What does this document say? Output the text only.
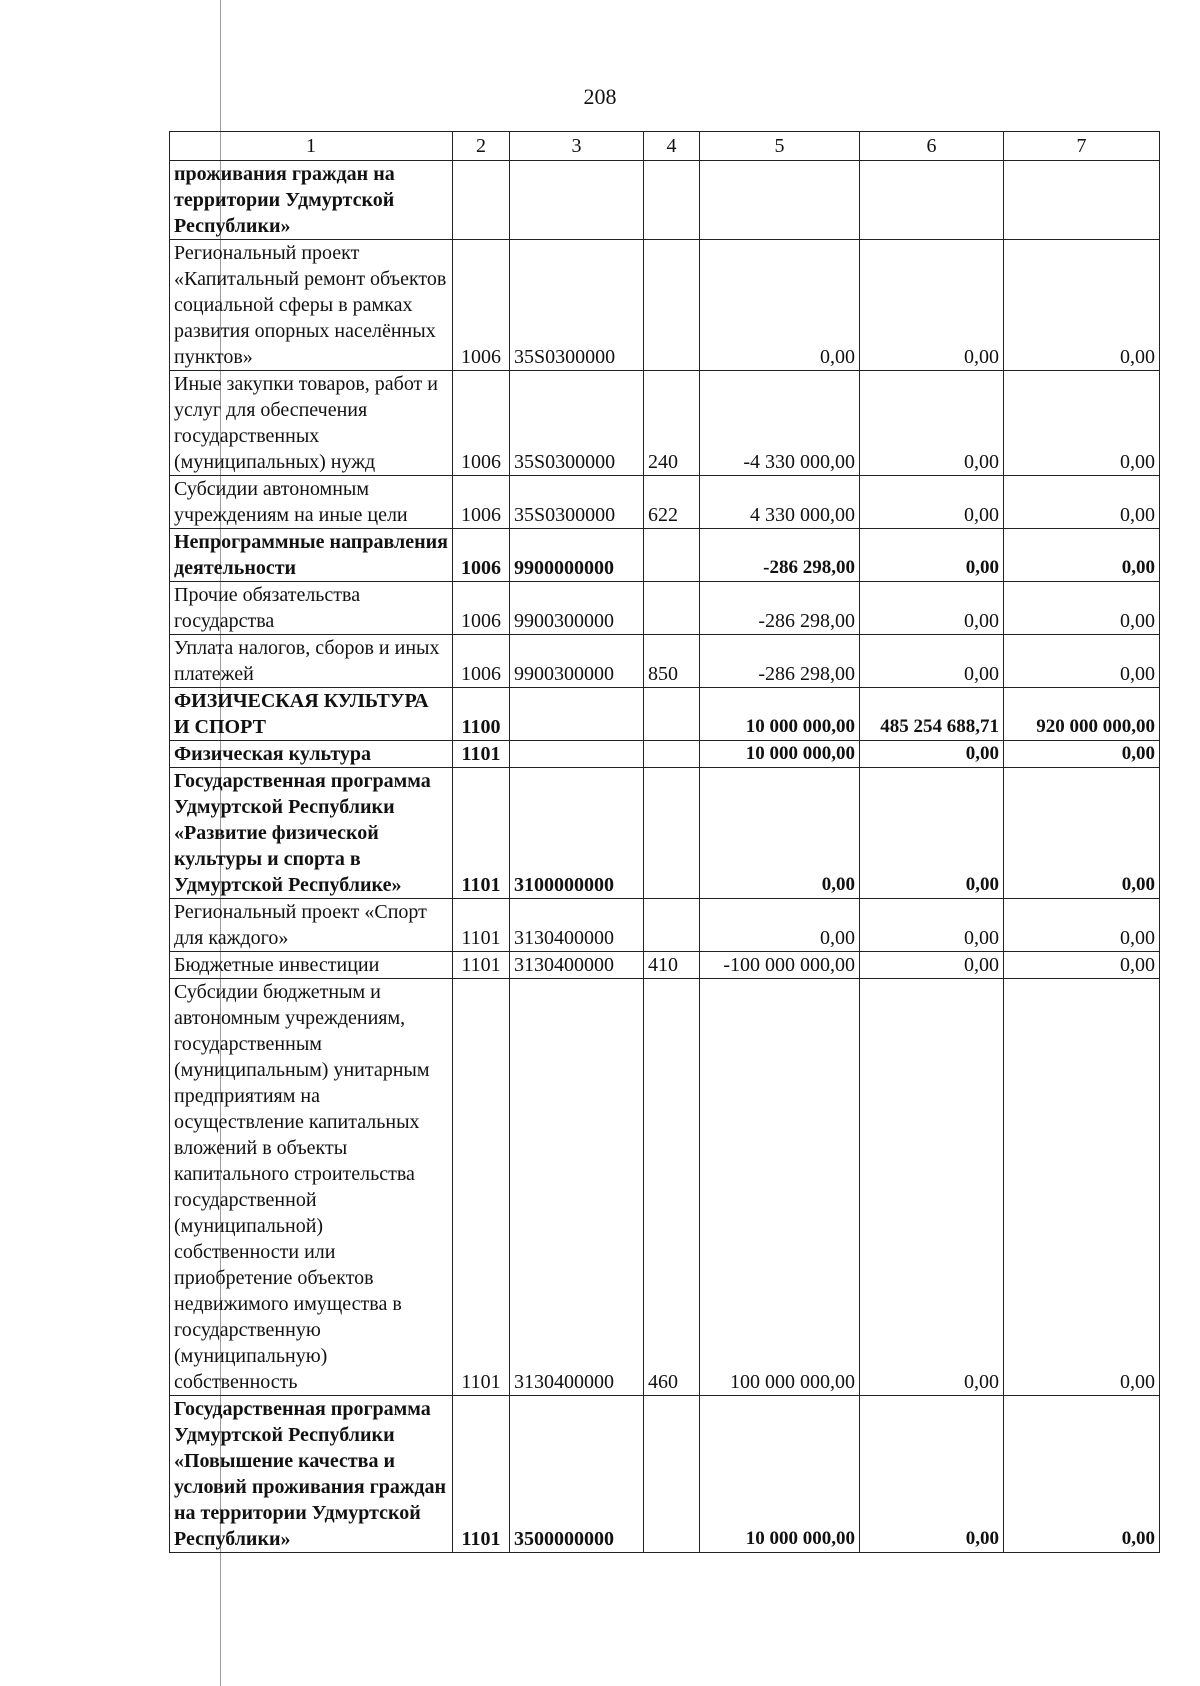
208
1	2	3	4	5	6	7
проживания граждан на территории Удмуртской Республики»						
Региональный проект «Капитальный ремонт объектов социальной сферы в рамках развития опорных населённых пунктов»	1006	35S0300000		0,00	0,00	0,00
Иные закупки товаров, работ и услуг для обеспечения государственных (муниципальных) нужд	1006	35S0300000	240	-4 330 000,00	0,00	0,00
Субсидии автономным учреждениям на иные цели	1006	35S0300000	622	4 330 000,00	0,00	0,00
Непрограммные направления деятельности	1006	9900000000		-286 298,00	0,00	0,00
Прочие обязательства государства	1006	9900300000		-286 298,00	0,00	0,00
Уплата налогов, сборов и иных платежей	1006	9900300000	850	-286 298,00	0,00	0,00
ФИЗИЧЕСКАЯ КУЛЬТУРА И СПОРТ	1100			10 000 000,00	485 254 688,71	920 000 000,00
Физическая культура	1101			10 000 000,00	0,00	0,00
Государственная программа Удмуртской Республики «Развитие физической культуры и спорта в Удмуртской Республике»	1101	3100000000		0,00	0,00	0,00
Региональный проект «Спорт для каждого»	1101	3130400000		0,00	0,00	0,00
Бюджетные инвестиции	1101	3130400000	410	-100 000 000,00	0,00	0,00
Субсидии бюджетным и автономным учреждениям, государственным (муниципальным) унитарным предприятиям на осуществление капитальных вложений в объекты капитального строительства государственной (муниципальной) собственности или приобретение объектов недвижимого имущества в государственную (муниципальную) собственность	1101	3130400000	460	100 000 000,00	0,00	0,00
Государственная программа Удмуртской Республики «Повышение качества и условий проживания граждан на территории Удмуртской Республики»	1101	3500000000		10 000 000,00	0,00	0,00
